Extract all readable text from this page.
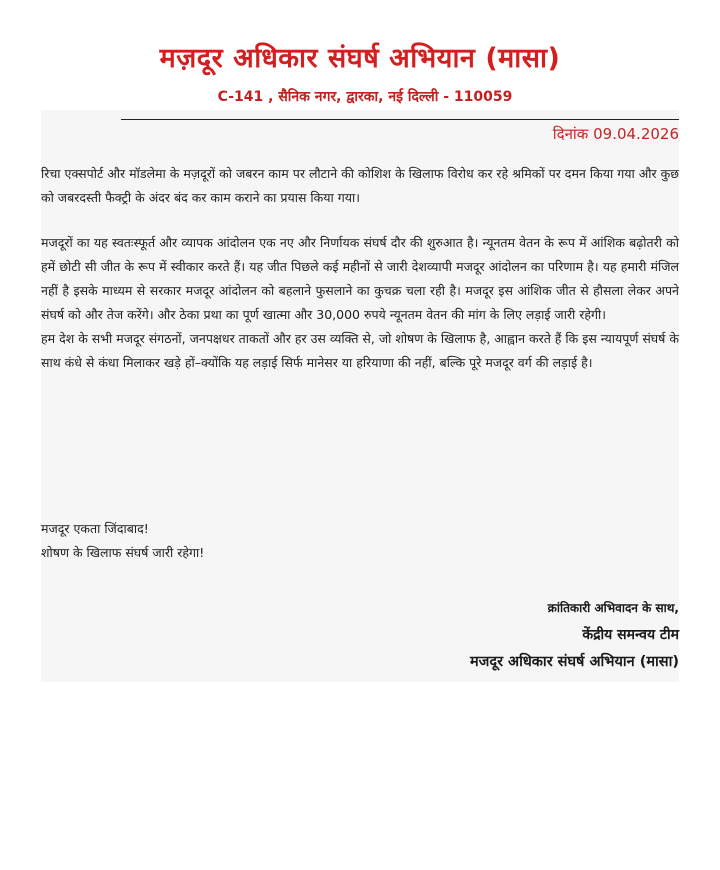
मज़दूर अधिकार संघर्ष अभियान (मासा)
C-141 , सैनिक नगर, द्वारका, नई दिल्ली - 110059
दिनांक 09.04.2026

रिचा एक्सपोर्ट और मॉडलेमा के मज़दूरों को जबरन काम पर लौटाने की कोशिश के खिलाफ विरोध कर रहे श्रमिकों पर दमन किया गया और कुछ को जबरदस्ती फैक्ट्री के अंदर बंद कर काम कराने का प्रयास किया गया।

मजदूरों का यह स्वतःस्फूर्त और व्यापक आंदोलन एक नए और निर्णायक संघर्ष दौर की शुरुआत है। न्यूनतम वेतन के रूप में आंशिक बढ़ोतरी को हमें छोटी सी जीत के रूप में स्वीकार करते हैं। यह जीत पिछले कई महीनों से जारी देशव्यापी मजदूर आंदोलन का परिणाम है। यह हमारी मंजिल नहीं है इसके माध्यम से सरकार मजदूर आंदोलन को बहलाने फुसलाने का कुचक्र चला रही है। मजदूर इस आंशिक जीत से हौसला लेकर अपने संघर्ष को और तेज करेंगे। और ठेका प्रथा का पूर्ण खात्मा और 30,000 रुपये न्यूनतम वेतन की मांग के लिए लड़ाई जारी रहेगी।

हम देश के सभी मजदूर संगठनों, जनपक्षधर ताकतों और हर उस व्यक्ति से, जो शोषण के खिलाफ है, आह्वान करते हैं कि इस न्यायपूर्ण संघर्ष के साथ कंधे से कंधा मिलाकर खड़े हों–क्योंकि यह लड़ाई सिर्फ मानेसर या हरियाणा की नहीं, बल्कि पूरे मजदूर वर्ग की लड़ाई है।

मजदूर एकता जिंदाबाद!
शोषण के खिलाफ संघर्ष जारी रहेगा!
क्रांतिकारी अभिवादन के साथ,
केंद्रीय समन्वय टीम
मजदूर अधिकार संघर्ष अभियान (मासा)
